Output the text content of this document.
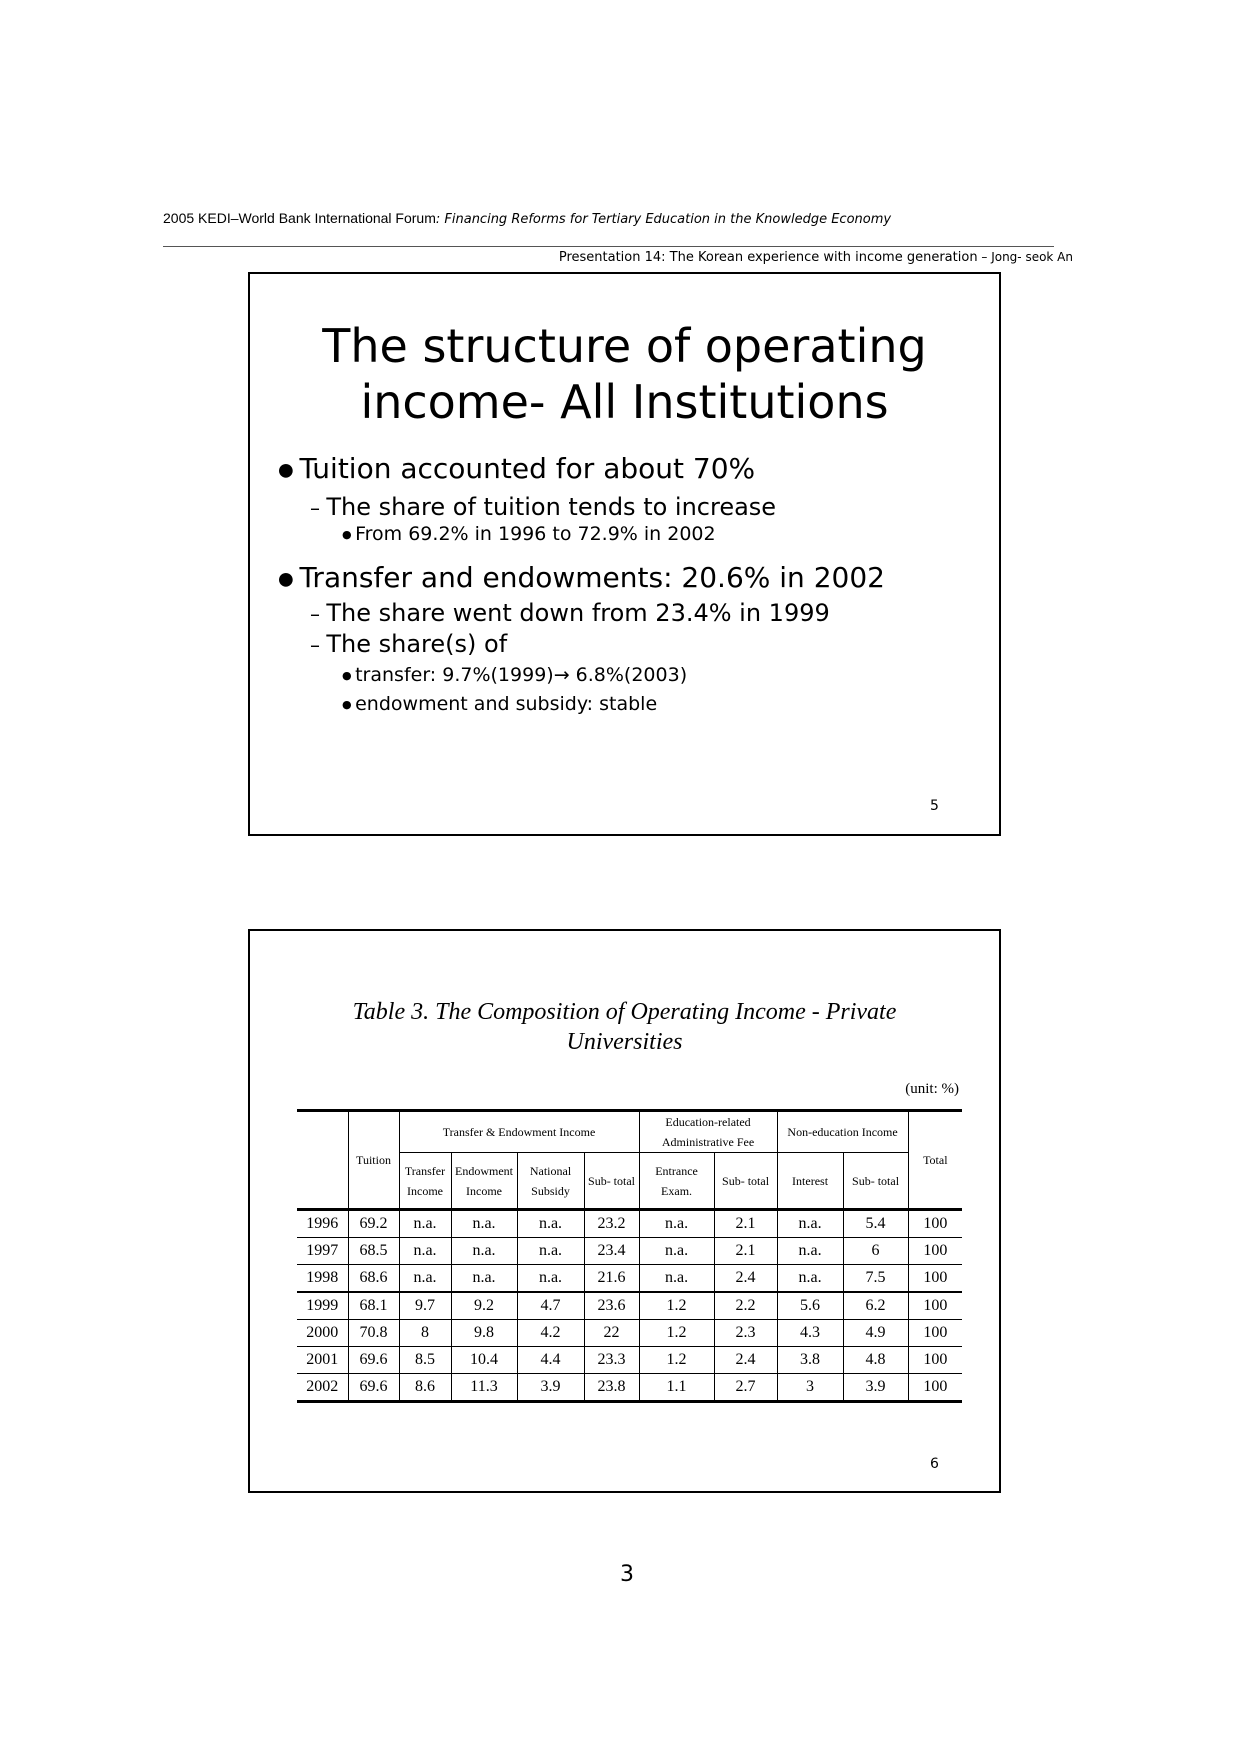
2005 KEDI–World Bank International Forum: Financing Reforms for Tertiary Education in the Knowledge Economy
Presentation 14: The Korean experience with income generation – Jong- seok An
The structure of operating
income- All Institutions
● Tuition accounted for about 70%
– The share of tuition tends to increase
● From 69.2% in 1996 to 72.9% in 2002
● Transfer and endowments: 20.6% in 2002
– The share went down from 23.4% in 1999
– The share(s) of
● transfer: 9.7%(1999)→ 6.8%(2003)
● endowment and subsidy: stable
5
Table 3. The Composition of Operating Income - Private
Universities
(unit: %)
	Tuition	Transfer & Endowment Income				Education-related Administrative Fee		Non-education Income		Total
		Transfer Income	Endowment Income	National Subsidy	Sub- total	Entrance Exam.	Sub- total	Interest	Sub- total	
1996	69.2	n.a.	n.a.	n.a.	23.2	n.a.	2.1	n.a.	5.4	100
1997	68.5	n.a.	n.a.	n.a.	23.4	n.a.	2.1	n.a.	6	100
1998	68.6	n.a.	n.a.	n.a.	21.6	n.a.	2.4	n.a.	7.5	100
1999	68.1	9.7	9.2	4.7	23.6	1.2	2.2	5.6	6.2	100
2000	70.8	8	9.8	4.2	22	1.2	2.3	4.3	4.9	100
2001	69.6	8.5	10.4	4.4	23.3	1.2	2.4	3.8	4.8	100
2002	69.6	8.6	11.3	3.9	23.8	1.1	2.7	3	3.9	100
6
3
